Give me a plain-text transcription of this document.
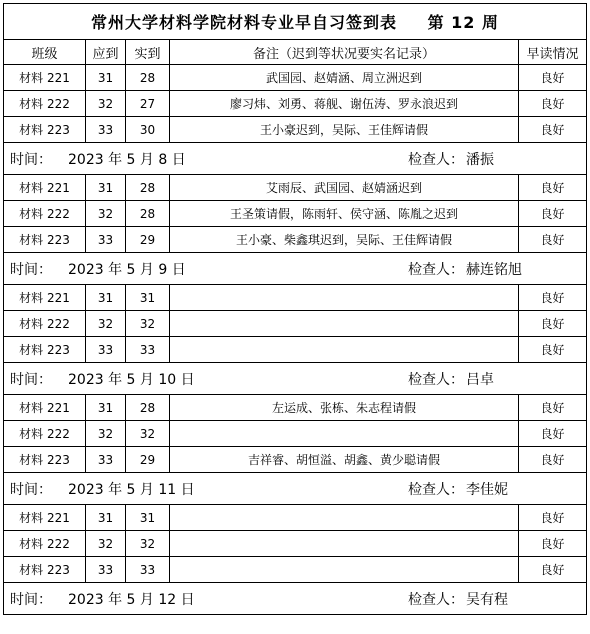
常州大学材料学院材料专业早自习签到表 第 12 周				
班级	应到	实到	备注（迟到等状况要实名记录）	早读情况
材料 221	31	28	武国园、赵婧涵、周立洲迟到	良好
材料 222	32	27	廖习炜、刘勇、蒋舰、谢伍涛、罗永浪迟到	良好
材料 223	33	30	王小豪迟到，吴际、王佳辉请假	良好

时间： 2023 年 5 月 8 日 检查人： 潘振				

材料 221	31	28	艾雨辰、武国园、赵婧涵迟到	良好
材料 222	32	28	王圣策请假，陈雨轩、侯守涵、陈胤之迟到	良好
材料 223	33	29	王小豪、柴鑫琪迟到，吴际、王佳辉请假	良好

时间： 2023 年 5 月 9 日 检查人： 赫连铭旭				

材料 221	31	31		良好
材料 222	32	32		良好
材料 223	33	33		良好

时间： 2023 年 5 月 10 日 检查人： 吕卓				

材料 221	31	28	左运成、张栋、朱志程请假	良好
材料 222	32	32		良好
材料 223	33	29	吉祥睿、胡恒溢、胡鑫、黄少聪请假	良好

时间： 2023 年 5 月 11 日 检查人： 李佳妮				

材料 221	31	31		良好
材料 222	32	32		良好
材料 223	33	33		良好

时间： 2023 年 5 月 12 日 检查人： 吴有程				
